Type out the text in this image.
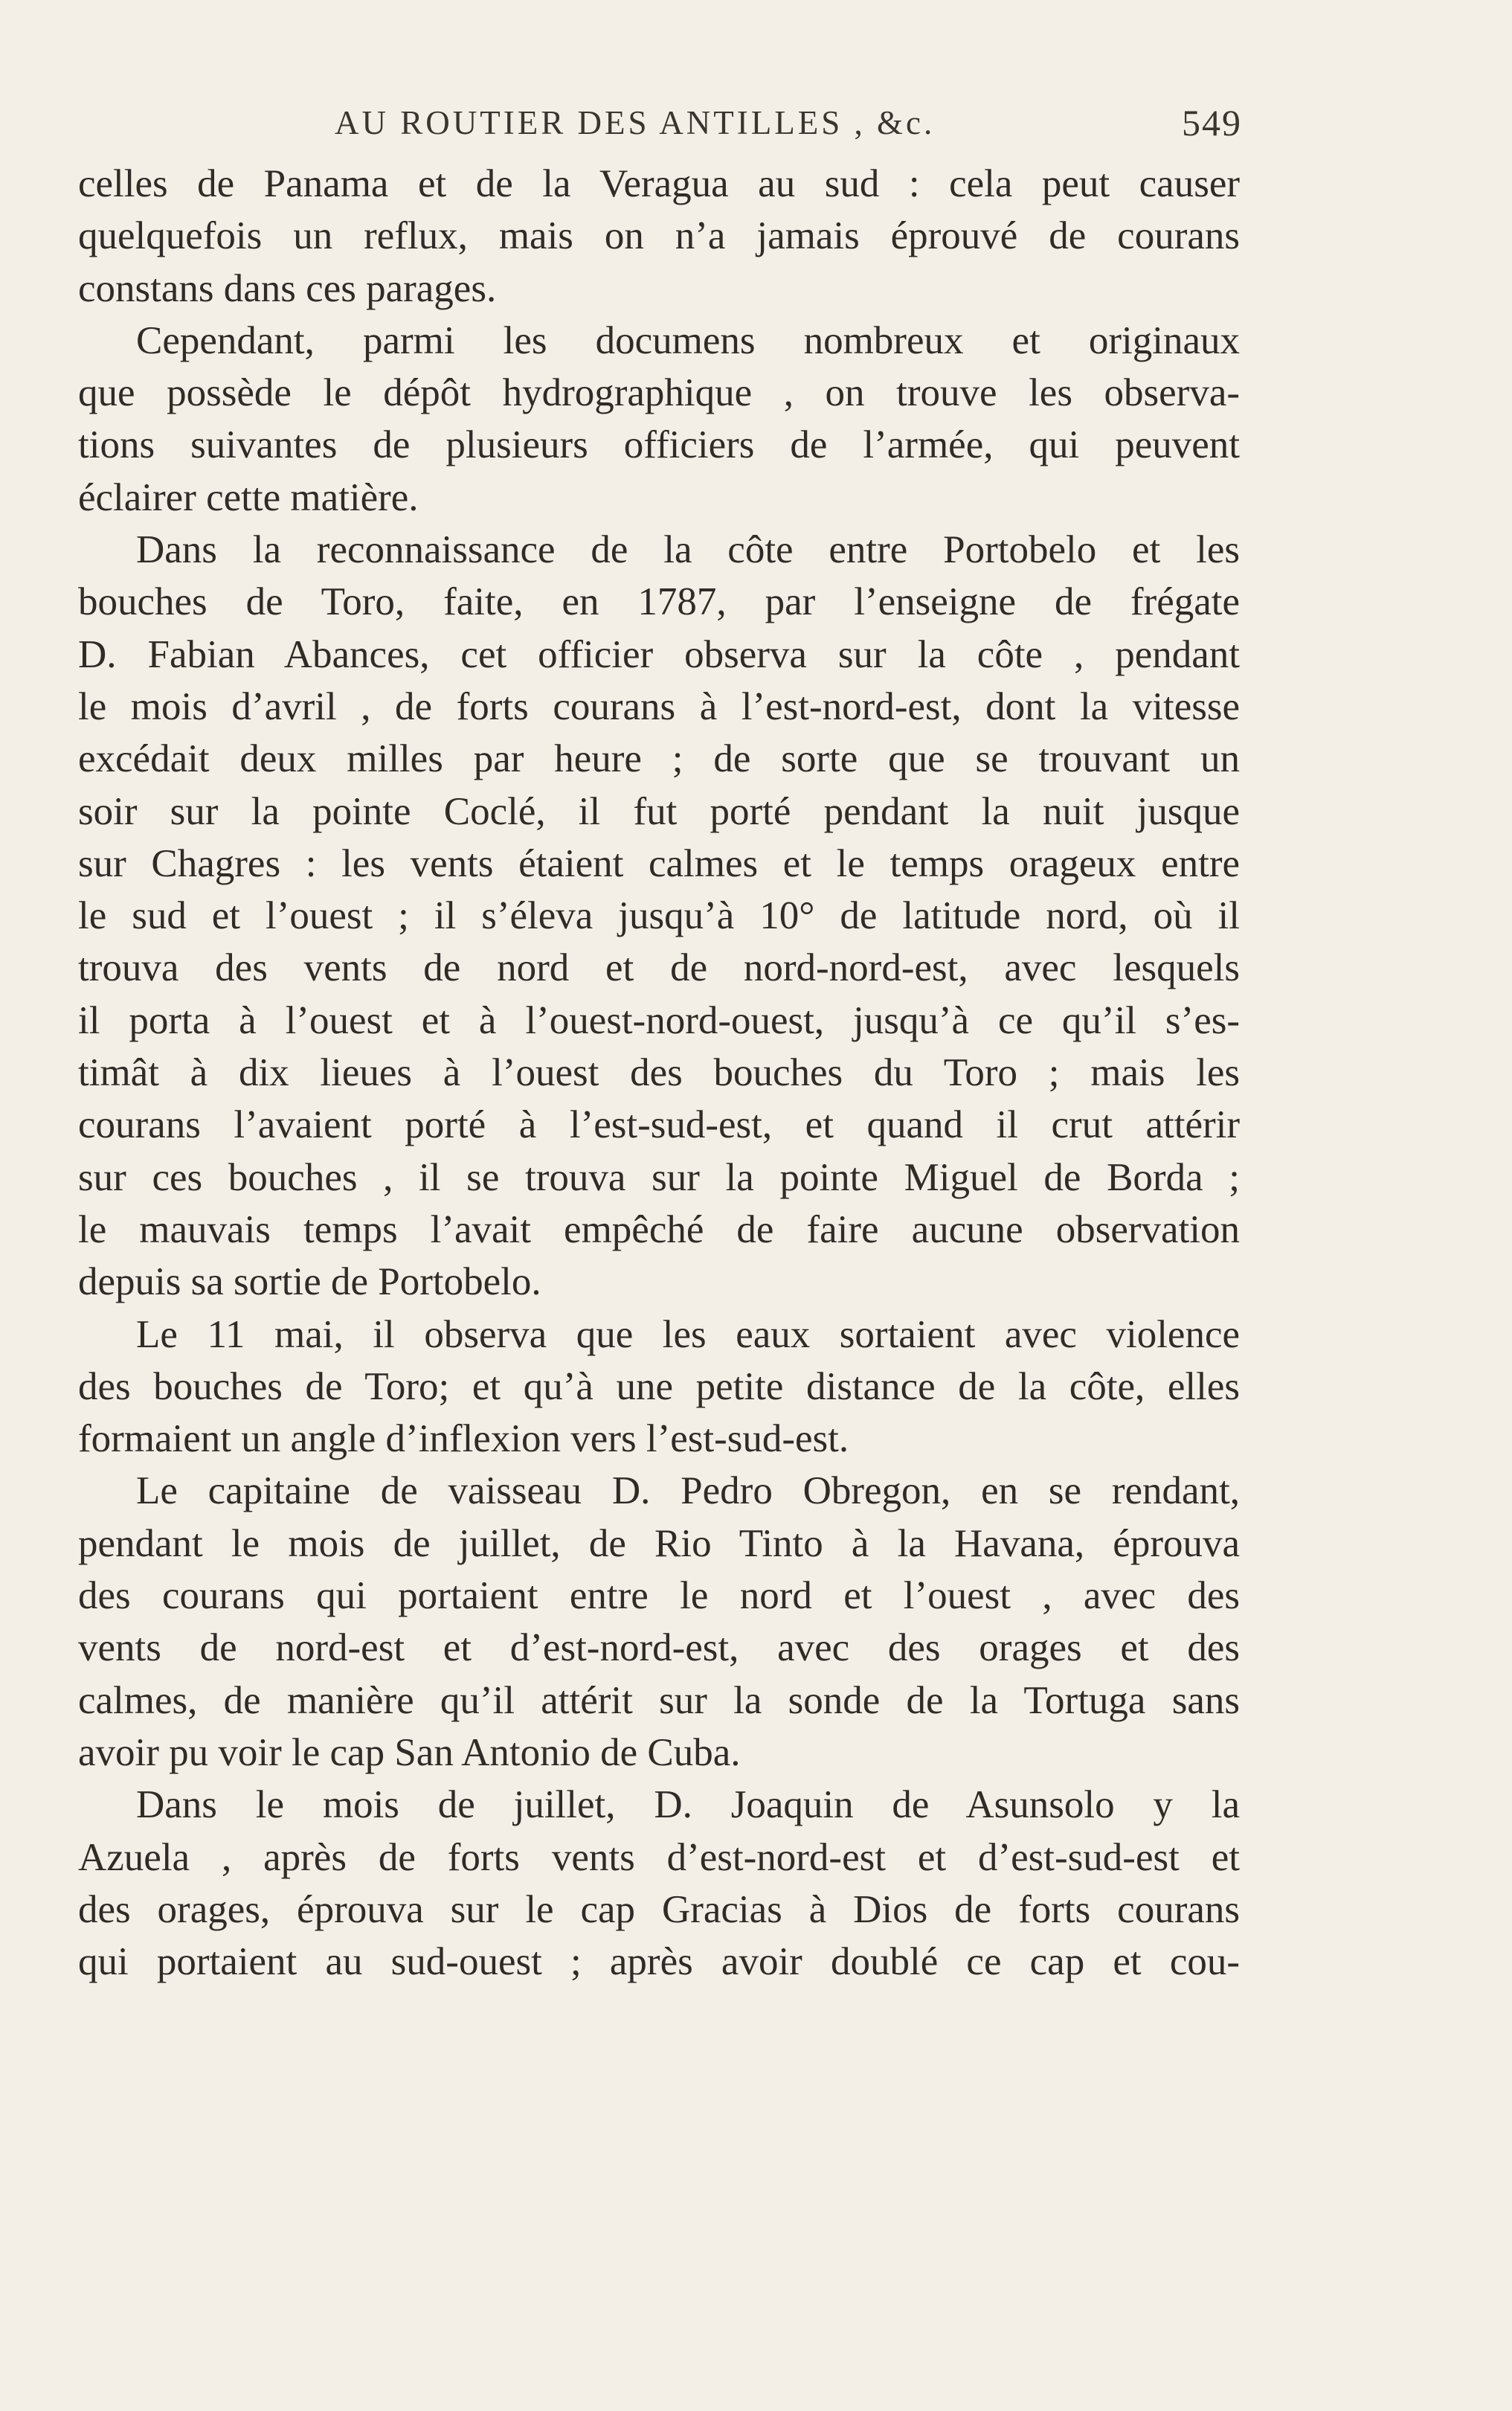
AU ROUTIER DES ANTILLES , &c.	549
celles de Panama et de la Veragua au sud : cela peut causer
quelquefois un reflux, mais on n’a jamais éprouvé de courans
constans dans ces parages.
Cependant, parmi les documens nombreux et originaux
que possède le dépôt hydrographique , on trouve les observa-
tions suivantes de plusieurs officiers de l’armée, qui peuvent
éclairer cette matière.
Dans la reconnaissance de la côte entre Portobelo et les
bouches de Toro, faite, en 1787, par l’enseigne de frégate
D. Fabian Abances, cet officier observa sur la côte , pendant
le mois d’avril , de forts courans à l’est-nord-est, dont la vitesse
excédait deux milles par heure ; de sorte que se trouvant un
soir sur la pointe Coclé, il fut porté pendant la nuit jusque
sur Chagres : les vents étaient calmes et le temps orageux entre
le sud et l’ouest ; il s’éleva jusqu’à 10° de latitude nord, où il
trouva des vents de nord et de nord-nord-est, avec lesquels
il porta à l’ouest et à l’ouest-nord-ouest, jusqu’à ce qu’il s’es-
timât à dix lieues à l’ouest des bouches du Toro ; mais les
courans l’avaient porté à l’est-sud-est, et quand il crut attérir
sur ces bouches , il se trouva sur la pointe Miguel de Borda ;
le mauvais temps l’avait empêché de faire aucune observation
depuis sa sortie de Portobelo.
Le 11 mai, il observa que les eaux sortaient avec violence
des bouches de Toro; et qu’à une petite distance de la côte, elles
formaient un angle d’inflexion vers l’est-sud-est.
Le capitaine de vaisseau D. Pedro Obregon, en se rendant,
pendant le mois de juillet, de Rio Tinto à la Havana, éprouva
des courans qui portaient entre le nord et l’ouest , avec des
vents de nord-est et d’est-nord-est, avec des orages et des
calmes, de manière qu’il attérit sur la sonde de la Tortuga sans
avoir pu voir le cap San Antonio de Cuba.
Dans le mois de juillet, D. Joaquin de Asunsolo y la
Azuela , après de forts vents d’est-nord-est et d’est-sud-est et
des orages, éprouva sur le cap Gracias à Dios de forts courans
qui portaient au sud-ouest ; après avoir doublé ce cap et cou-
